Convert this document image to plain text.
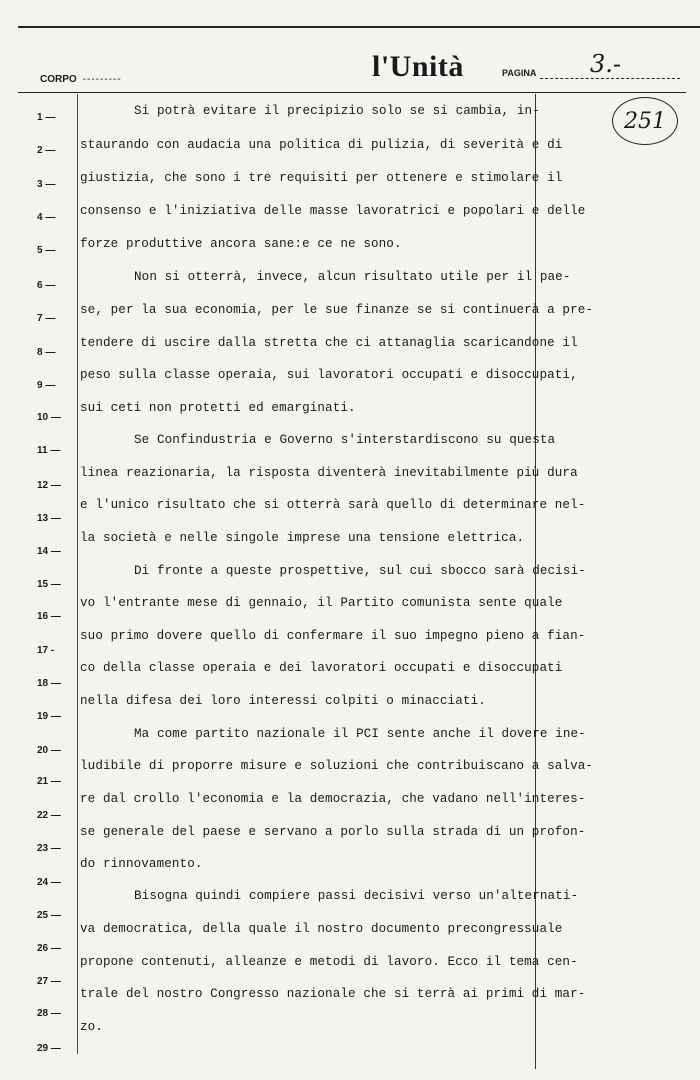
CORPO ---------	l'Unità	PAGINA 3.-
251
1 —
2 —
3 —
4 —
5 —
6 —
7 —
8 —
9 —
10 —
11 —
12 —
13 —
14 —
15 —
16 —
17 -
18 —
19 —
20 —
21 —
22 —
23 —
24 —
25 —
26 —
27 —
28 —
29 —
Si potrà evitare il precipizio solo se si cambia, in-
staurando con audacia una politica di pulizia, di severità e di
giustizia, che sono i tre requisiti per ottenere e stimolare il
consenso e l'iniziativa delle masse lavoratrici e popolari e delle
forze produttive ancora sane:e ce ne sono.
Non si otterrà, invece, alcun risultato utile per il pae-
se, per la sua economia, per le sue finanze se si continuerà a pre-
tendere di uscire dalla stretta che ci attanaglia scaricandone il
peso sulla classe operaia, sui lavoratori occupati e disoccupati,
sui ceti non protetti ed emarginati.
Se Confindustria e Governo s'interstardiscono su questa
linea reazionaria, la risposta diventerà inevitabilmente più dura
e l'unico risultato che si otterrà sarà quello di determinare nel-
la società e nelle singole imprese una tensione elettrica.
Di fronte a queste prospettive, sul cui sbocco sarà decisi-
vo l'entrante mese di gennaio, il Partito comunista sente quale
suo primo dovere quello di confermare il suo impegno pieno a fian-
co della classe operaia e dei lavoratori occupati e disoccupati
nella difesa dei loro interessi colpiti o minacciati.
Ma come partito nazionale il PCI sente anche il dovere ine-
ludibile di proporre misure e soluzioni che contribuiscano a salva-
re dal crollo l'economia e la democrazia, che vadano nell'interes-
se generale del paese e servano a porlo sulla strada di un profon-
do rinnovamento.
Bisogna quindi compiere passi decisivi verso un'alternati-
va democratica, della quale il nostro documento precongressuale
propone contenuti, alleanze e metodi di lavoro. Ecco il tema cen-
trale del nostro Congresso nazionale che si terrà ai primi di mar-
zo.
